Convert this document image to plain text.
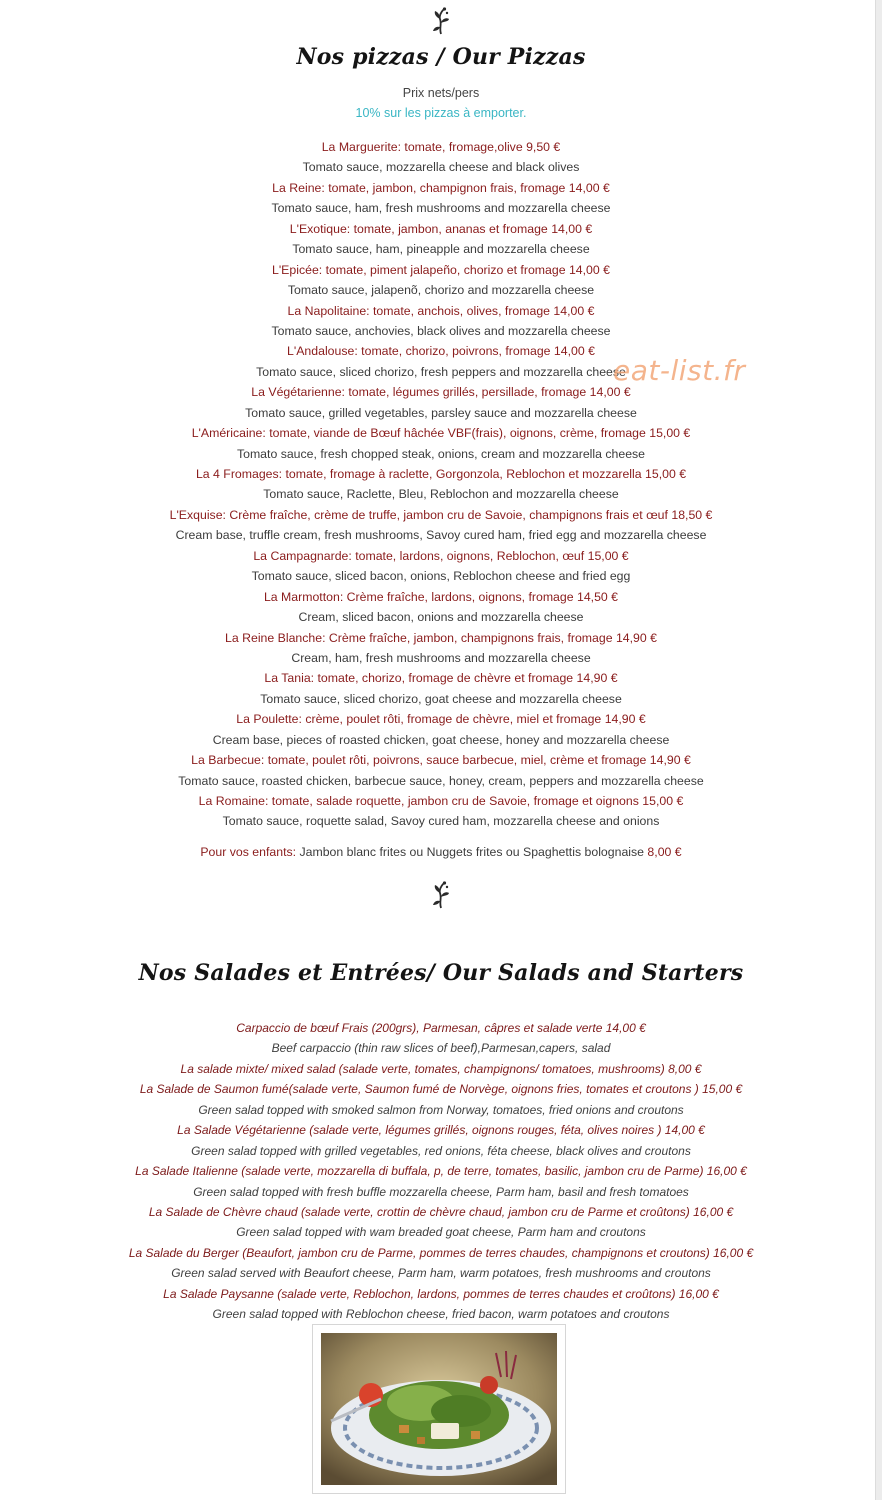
Nos pizzas / Our Pizzas
Prix nets/pers
10% sur les pizzas à emporter.
La Marguerite: tomate, fromage,olive 9,50 €
Tomato sauce, mozzarella cheese and black olives
La Reine: tomate, jambon, champignon frais, fromage 14,00 €
Tomato sauce, ham, fresh mushrooms and mozzarella cheese
L'Exotique: tomate, jambon, ananas et fromage 14,00 €
Tomato sauce, ham, pineapple and mozzarella cheese
L'Epicée: tomate, piment jalapeño, chorizo et fromage 14,00 €
Tomato sauce, jalapenõ, chorizo and mozzarella cheese
La Napolitaine: tomate, anchois, olives, fromage 14,00 €
Tomato sauce, anchovies, black olives and mozzarella cheese
L'Andalouse: tomate, chorizo, poivrons, fromage 14,00 €
Tomato sauce, sliced chorizo, fresh peppers and mozzarella cheese
La Végétarienne: tomate, légumes grillés, persillade, fromage 14,00 €
Tomato sauce, grilled vegetables, parsley sauce and mozzarella cheese
L'Américaine: tomate, viande de Bœuf hâchée VBF(frais), oignons, crème, fromage 15,00 €
Tomato sauce, fresh chopped steak, onions, cream and mozzarella cheese
La 4 Fromages: tomate, fromage à raclette, Gorgonzola, Reblochon et mozzarella 15,00 €
Tomato sauce, Raclette, Bleu, Reblochon and mozzarella cheese
L'Exquise: Crème fraîche, crème de truffe, jambon cru de Savoie, champignons frais et œuf 18,50 €
Cream base, truffle cream, fresh mushrooms, Savoy cured ham, fried egg and mozzarella cheese
La Campagnarde: tomate, lardons, oignons, Reblochon, œuf 15,00 €
Tomato sauce, sliced bacon, onions, Reblochon cheese and fried egg
La Marmotton: Crème fraîche, lardons, oignons, fromage 14,50 €
Cream, sliced bacon, onions and mozzarella cheese
La Reine Blanche: Crème fraîche, jambon, champignons frais, fromage 14,90 €
Cream, ham, fresh mushrooms and mozzarella cheese
La Tania: tomate, chorizo, fromage de chèvre et fromage 14,90 €
Tomato sauce, sliced chorizo, goat cheese and mozzarella cheese
La Poulette: crème, poulet rôti, fromage de chèvre, miel et fromage 14,90 €
Cream base, pieces of roasted chicken, goat cheese, honey and mozzarella cheese
La Barbecue: tomate, poulet rôti, poivrons, sauce barbecue, miel, crème et fromage 14,90 €
Tomato sauce, roasted chicken, barbecue sauce, honey, cream, peppers and mozzarella cheese
La Romaine: tomate, salade roquette, jambon cru de Savoie, fromage et oignons 15,00 €
Tomato sauce, roquette salad, Savoy cured ham, mozzarella cheese and onions
Pour vos enfants: Jambon blanc frites ou Nuggets frites ou Spaghettis bolognaise 8,00 €
Nos Salades et Entrées/ Our Salads and Starters
Carpaccio de bœuf Frais (200grs), Parmesan, câpres et salade verte 14,00 €
Beef carpaccio (thin raw slices of beef),Parmesan,capers, salad
La salade mixte/ mixed salad (salade verte, tomates, champignons/ tomatoes, mushrooms) 8,00 €
La Salade de Saumon fumé(salade verte, Saumon fumé de Norvège, oignons fries, tomates et croutons ) 15,00 €
Green salad topped with smoked salmon from Norway, tomatoes, fried onions and croutons
La Salade Végétarienne (salade verte, légumes grillés, oignons rouges, féta, olives noires ) 14,00 €
Green salad topped with grilled vegetables, red onions, féta cheese, black olives and croutons
La Salade Italienne (salade verte, mozzarella di buffala, p, de terre, tomates, basilic, jambon cru de Parme) 16,00 €
Green salad topped with fresh buffle mozzarella cheese, Parm ham, basil and fresh tomatoes
La Salade de Chèvre chaud (salade verte, crottin de chèvre chaud, jambon cru de Parme et croûtons) 16,00 €
Green salad topped with wam breaded goat cheese, Parm ham and croutons
La Salade du Berger (Beaufort, jambon cru de Parme, pommes de terres chaudes, champignons et croutons) 16,00 €
Green salad served with Beaufort cheese, Parm ham, warm potatoes, fresh mushrooms and croutons
La Salade Paysanne (salade verte, Reblochon, lardons, pommes de terres chaudes et croûtons) 16,00 €
Green salad topped with Reblochon cheese, fried bacon, warm potatoes and croutons
eat-list.fr
